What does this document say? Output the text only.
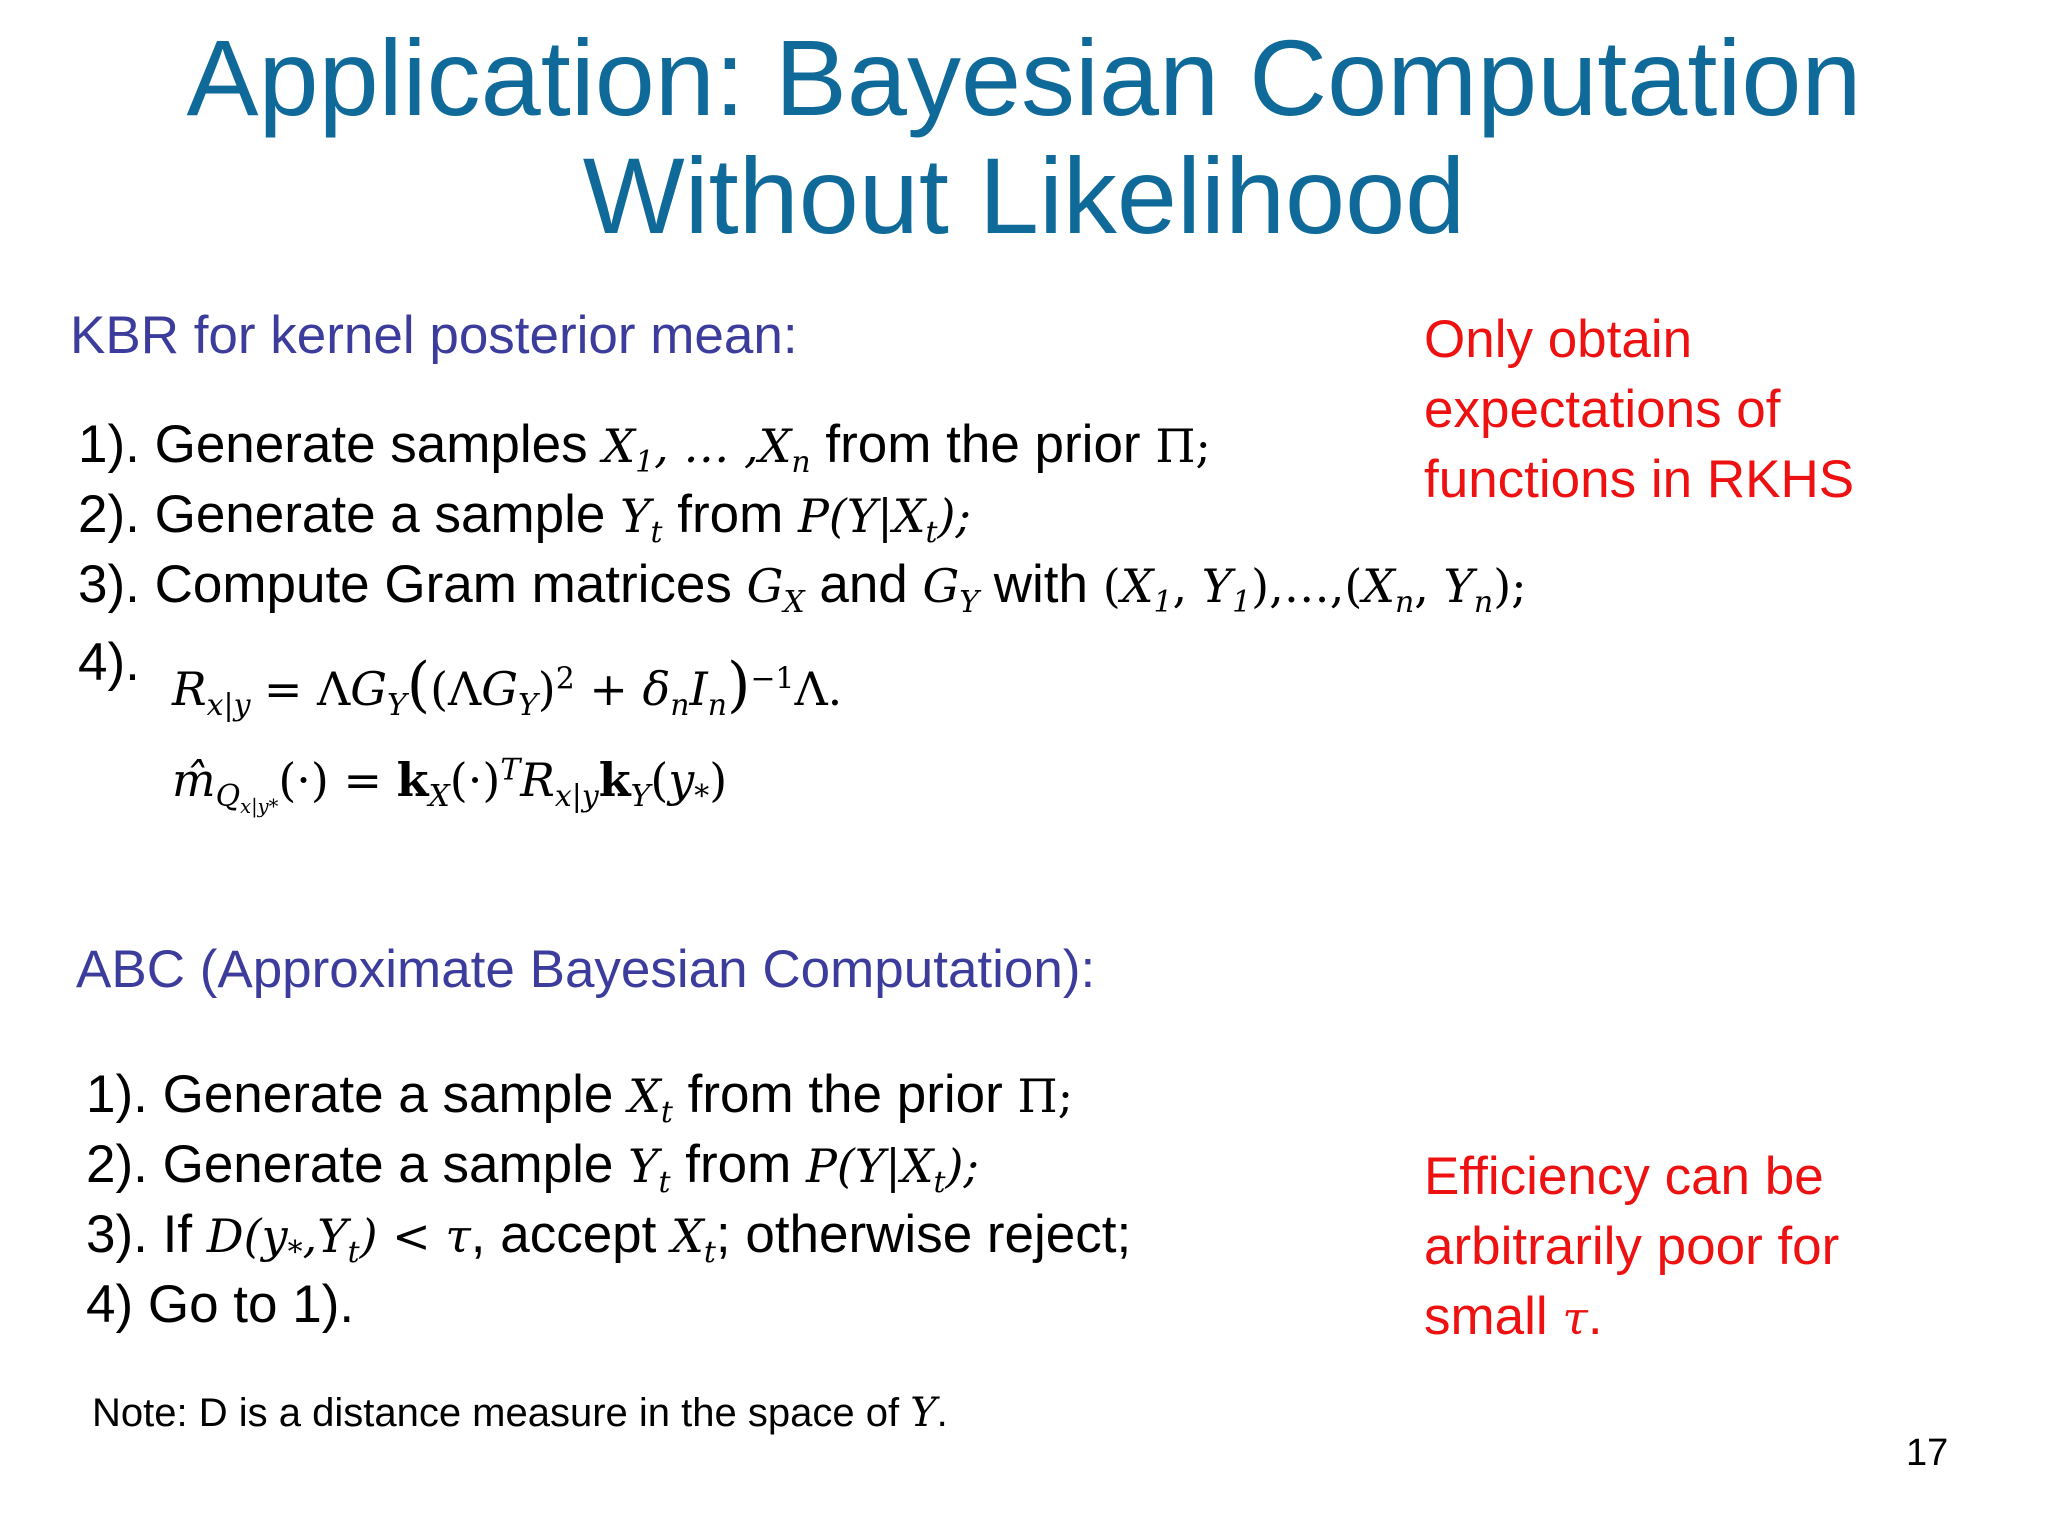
Application: Bayesian Computation
Without Likelihood
KBR for kernel posterior mean:
1). Generate samples $X_1$, … $,X_n$ from the prior Π;
2). Generate a sample $Y_t$ from $P(Y|X_t)$;
3). Compute Gram matrices $G_X$ and $G_Y$ with ($X_1$, $Y_1),\dots,(X_n$, $Y_n$);
4). $R_{x|y} = \Lambda G_Y((\Lambda G_Y)^2 + \delta_nI_n)^{-1}\Lambda$.
$m̂_{Q_{x|y*}}(\cdot) = k_X(\cdot)^TR_{x|y}k_Y(y_*)$
Only obtain expectations of functions in RKHS
ABC (Approximate Bayesian Computation):
1). Generate a sample $X_t$ from the prior Π;
2). Generate a sample $Y_t$ from $P(Y|X_t)$;
3). If $D(y_*,Y_t) < \tau$, accept $X_t$; otherwise reject;
4) Go to 1).
Efficiency can be
arbitrarily poor for
small τ.
Note: D is a distance measure in the space of Y.
17
